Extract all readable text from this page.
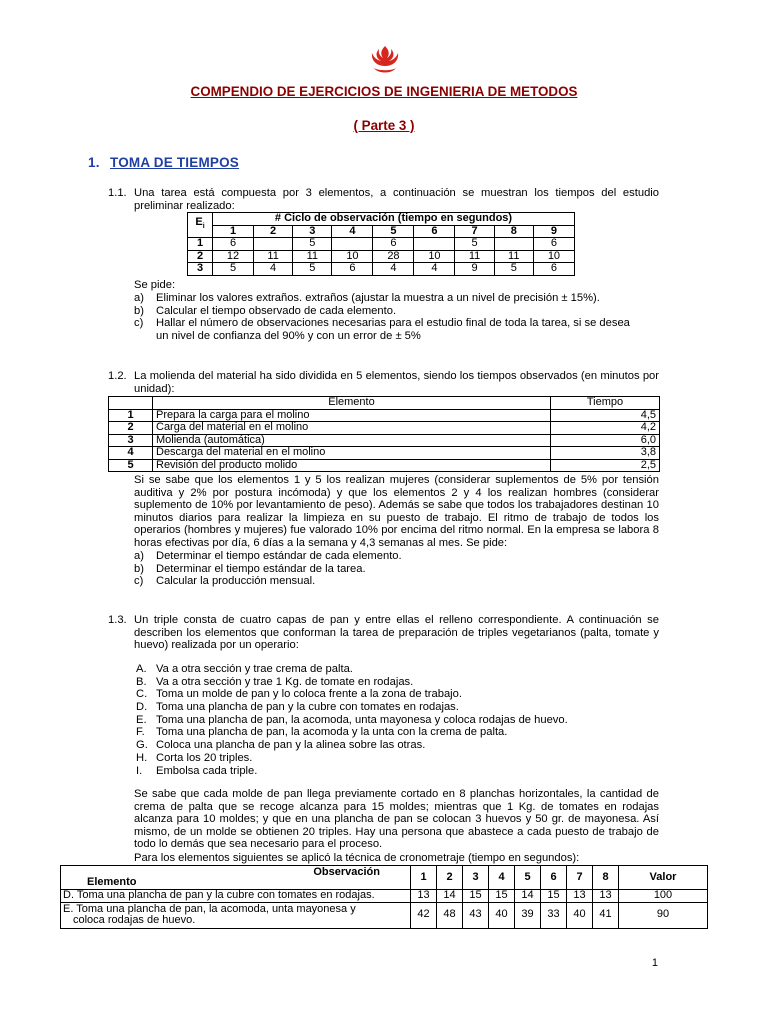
COMPENDIO DE EJERCICIOS DE INGENIERIA DE METODOS
( Parte 3 )
1. TOMA DE TIEMPOS
1.1. Una tarea está compuesta por 3 elementos, a continuación se muestran los tiempos del estudio preliminar realizado:
$E_i$	# Ciclo de observación (tiempo en segundos)								
	1	2	3	4	5	6	7	8	9
1	6		5		6		5		6
2	12	11	11	10	28	10	11	11	10
3	5	4	5	6	4	4	9	5	6
Se pide:
a) Eliminar los valores extraños. extraños (ajustar la muestra a un nivel de precisión ± 15%).
b) Calcular el tiempo observado de cada elemento.
c) Hallar el número de observaciones necesarias para el estudio final de toda la tarea, si se desea
un nivel de confianza del 90% y con un error de ± 5%
1.2. La molienda del material ha sido dividida en 5 elementos, siendo los tiempos observados (en minutos por unidad):
	Elemento	Tiempo
1	Prepara la carga para el molino	4,5
2	Carga del material en el molino	4,2
3	Molienda (automática)	6,0
4	Descarga del material en el molino	3,8
5	Revisión del producto molido	2,5
Si se sabe que los elementos 1 y 5 los realizan mujeres (considerar suplementos de 5% por tensión auditiva y 2% por postura incómoda) y que los elementos 2 y 4 los realizan hombres (considerar suplemento de 10% por levantamiento de peso). Además se sabe que todos los trabajadores destinan 10 minutos diarios para realizar la limpieza en su puesto de trabajo. El ritmo de trabajo de todos los operarios (hombres y mujeres) fue valorado 10% por encima del ritmo normal. En la empresa se labora 8 horas efectivas por día, 6 días a la semana y 4,3 semanas al mes. Se pide:
a) Determinar el tiempo estándar de cada elemento.
b) Determinar el tiempo estándar de la tarea.
c) Calcular la producción mensual.
1.3. Un triple consta de cuatro capas de pan y entre ellas el relleno correspondiente. A continuación se describen los elementos que conforman la tarea de preparación de triples vegetarianos (palta, tomate y huevo) realizada por un operario:
A. Va a otra sección y trae crema de palta.
B. Va a otra sección y trae 1 Kg. de tomate en rodajas.
C. Toma un molde de pan y lo coloca frente a la zona de trabajo.
D. Toma una plancha de pan y la cubre con tomates en rodajas.
E. Toma una plancha de pan, la acomoda, unta mayonesa y coloca rodajas de huevo.
F. Toma una plancha de pan, la acomoda y la unta con la crema de palta.
G. Coloca una plancha de pan y la alinea sobre las otras.
H. Corta los 20 triples.
I. Embolsa cada triple.
Se sabe que cada molde de pan llega previamente cortado en 8 planchas horizontales, la cantidad de crema de palta que se recoge alcanza para 15 moldes; mientras que 1 Kg. de tomates en rodajas alcanza para 10 moldes; y que en una plancha de pan se colocan 3 huevos y 50 gr. de mayonesa. Así mismo, de un molde se obtienen 20 triples. Hay una persona que abastece a cada puesto de trabajo de todo lo demás que sea necesario para el proceso.
Para los elementos siguientes se aplicó la técnica de cronometraje (tiempo en segundos):
Observación
Elemento	1	2	3	4	5	6	7	8	Valor
D. Toma una plancha de pan y la cubre con tomates en rodajas.	13	14	15	15	14	15	13	13	100

E. Toma una plancha de pan, la acomoda, unta mayonesa y
coloca rodajas de huevo.	42	48	43	40	39	33	40	41	90
1
